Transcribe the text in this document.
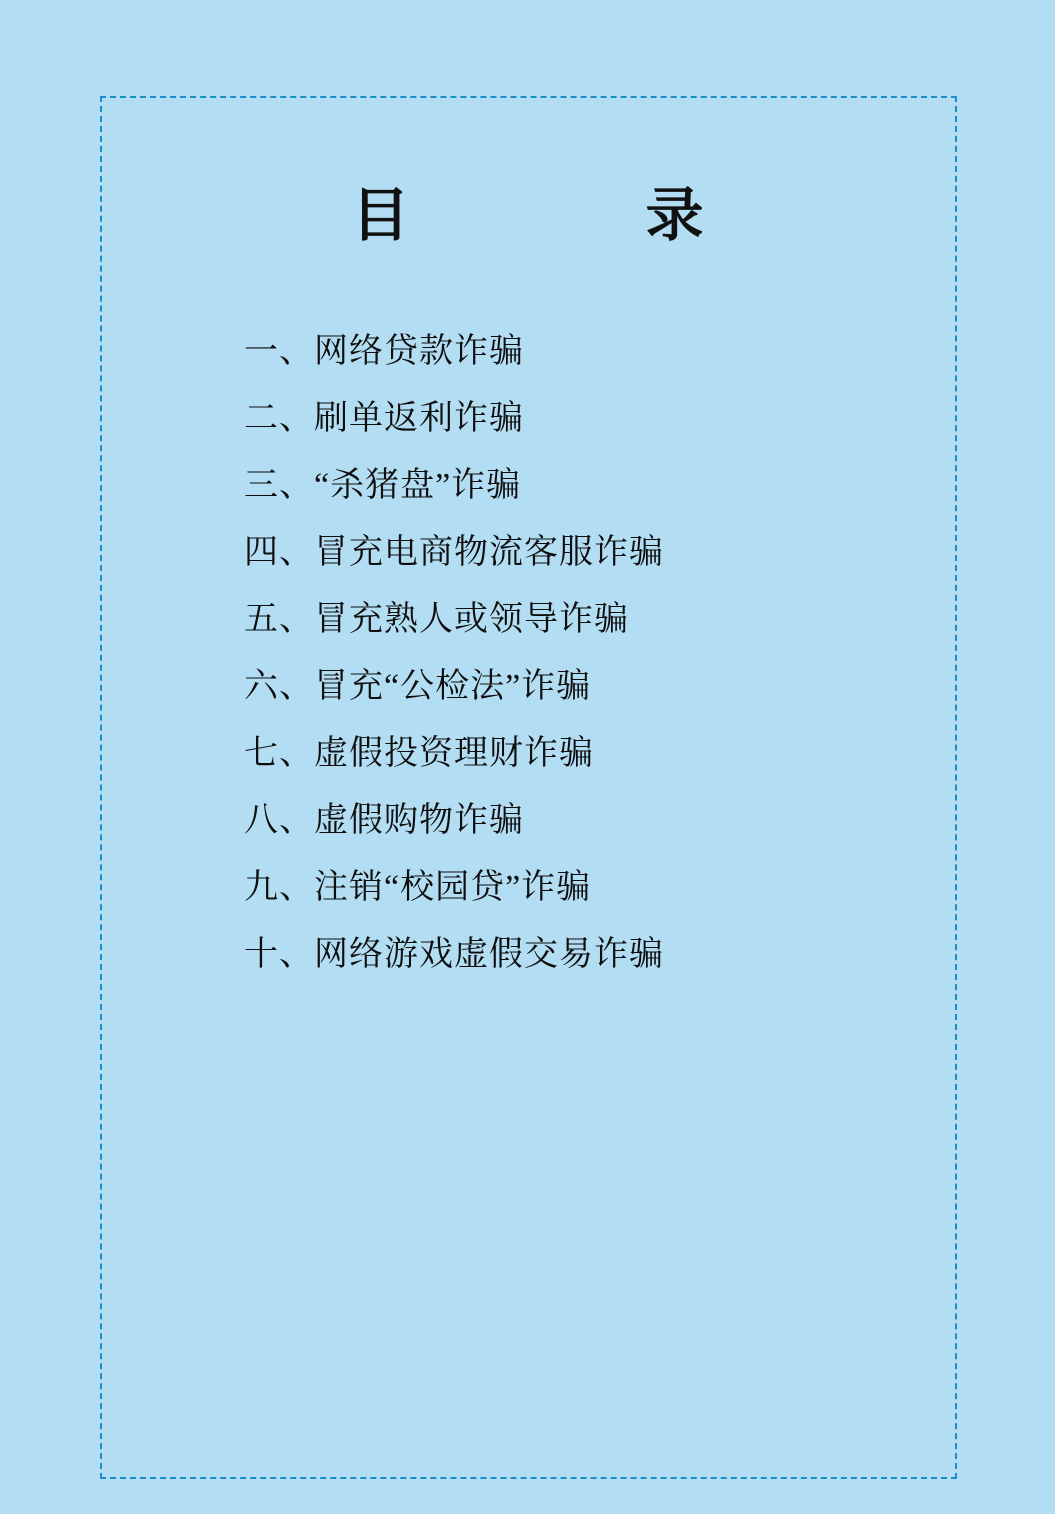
目　　录
一、网络贷款诈骗
二、刷单返利诈骗
三、“杀猪盘”诈骗
四、冒充电商物流客服诈骗
五、冒充熟人或领导诈骗
六、冒充“公检法”诈骗
七、虚假投资理财诈骗
八、虚假购物诈骗
九、注销“校园贷”诈骗
十、网络游戏虚假交易诈骗
